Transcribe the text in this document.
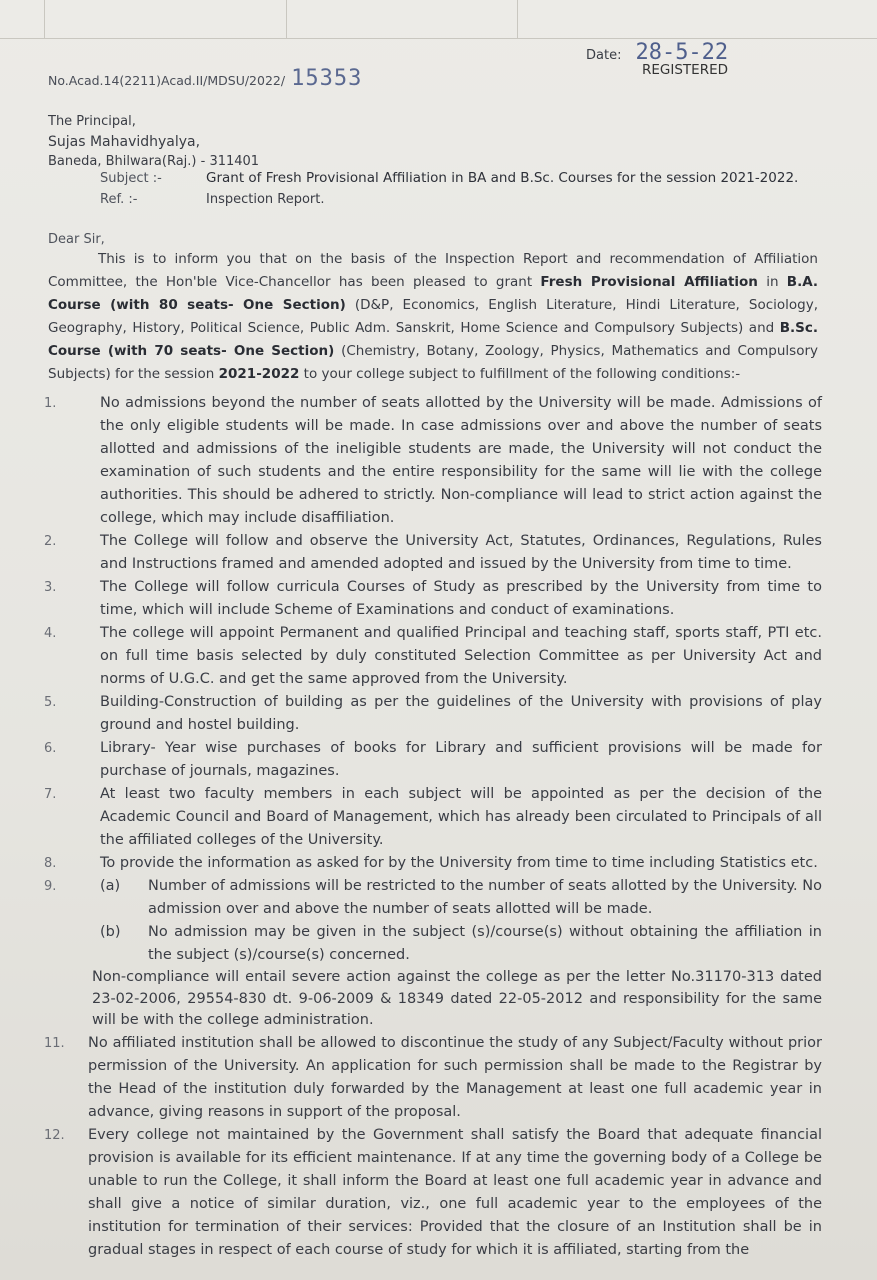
No.Acad.14(2211)Acad.II/MDSU/2022/ 15353
Date: 28-5-22
REGISTERED
The Principal,
Sujas Mahavidhyalya,
Baneda, Bhilwara(Raj.) - 311401
Subject :-	Grant of Fresh Provisional Affiliation in BA and B.Sc. Courses for the session 2021-2022.
Ref. :-	Inspection Report.
Dear Sir,
This is to inform you that on the basis of the Inspection Report and recommendation of Affiliation Committee, the Hon'ble Vice-Chancellor has been pleased to grant Fresh Provisional Affiliation in B.A. Course (with 80 seats- One Section) (D&P, Economics, English Literature, Hindi Literature, Sociology, Geography, History, Political Science, Public Adm. Sanskrit, Home Science and Compulsory Subjects) and B.Sc. Course (with 70 seats- One Section) (Chemistry, Botany, Zoology, Physics, Mathematics and Compulsory Subjects) for the session 2021-2022 to your college subject to fulfillment of the following conditions:-
1.	No admissions beyond the number of seats allotted by the University will be made. Admissions of the only eligible students will be made. In case admissions over and above the number of seats allotted and admissions of the ineligible students are made, the University will not conduct the examination of such students and the entire responsibility for the same will lie with the college authorities. This should be adhered to strictly. Non-compliance will lead to strict action against the college, which may include disaffiliation.
2.	The College will follow and observe the University Act, Statutes, Ordinances, Regulations, Rules and Instructions framed and amended adopted and issued by the University from time to time.
3.	The College will follow curricula Courses of Study as prescribed by the University from time to time, which will include Scheme of Examinations and conduct of examinations.
4.	The college will appoint Permanent and qualified Principal and teaching staff, sports staff, PTI etc. on full time basis selected by duly constituted Selection Committee as per University Act and norms of U.G.C. and get the same approved from the University.
5.	Building-Construction of building as per the guidelines of the University with provisions of play ground and hostel building.
6.	Library- Year wise purchases of books for Library and sufficient provisions will be made for purchase of journals, magazines.
7.	At least two faculty members in each subject will be appointed as per the decision of the Academic Council and Board of Management, which has already been circulated to Principals of all the affiliated colleges of the University.
8.	To provide the information as asked for by the University from time to time including Statistics etc.
9.	(a)	Number of admissions will be restricted to the number of seats allotted by the University. No admission over and above the number of seats allotted will be made.
(b)	No admission may be given in the subject (s)/course(s) without obtaining the affiliation in the subject (s)/course(s) concerned.
Non-compliance will entail severe action against the college as per the letter No.31170-313 dated 23-02-2006, 29554-830 dt. 9-06-2009 & 18349 dated 22-05-2012 and responsibility for the same will be with the college administration.
11.	No affiliated institution shall be allowed to discontinue the study of any Subject/Faculty without prior permission of the University. An application for such permission shall be made to the Registrar by the Head of the institution duly forwarded by the Management at least one full academic year in advance, giving reasons in support of the proposal.
12.	Every college not maintained by the Government shall satisfy the Board that adequate financial provision is available for its efficient maintenance. If at any time the governing body of a College be unable to run the College, it shall inform the Board at least one full academic year in advance and shall give a notice of similar duration, viz., one full academic year to the employees of the institution for termination of their services: Provided that the closure of an Institution shall be in gradual stages in respect of each course of study for which it is affiliated, starting from the
